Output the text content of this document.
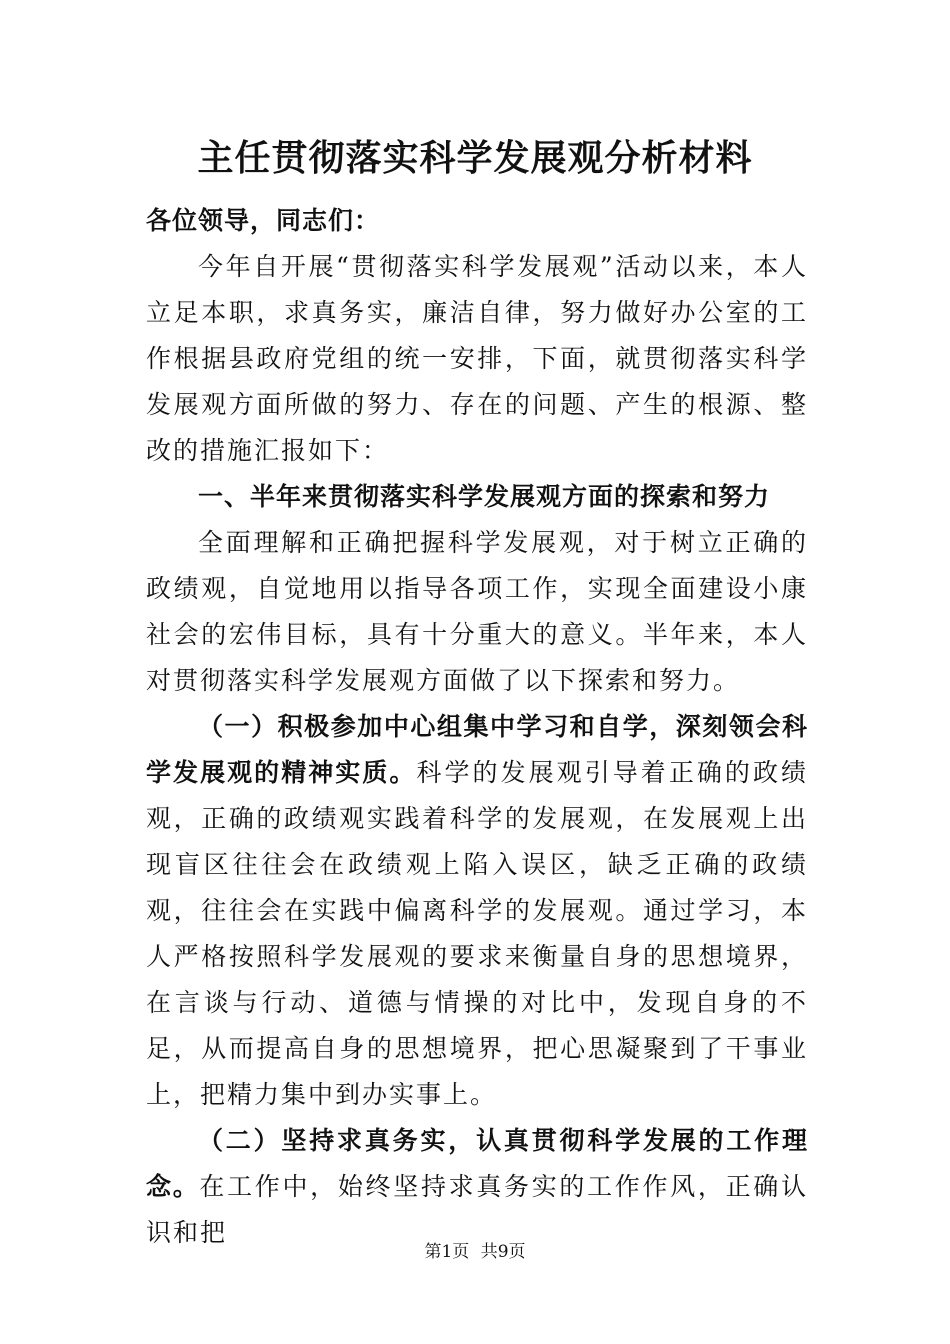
主任贯彻落实科学发展观分析材料

各位领导，同志们：

今年自开展“贯彻落实科学发展观”活动以来，本人立足本职，求真务实，廉洁自律，努力做好办公室的工作根据县政府党组的统一安排，下面，就贯彻落实科学发展观方面所做的努力、存在的问题、产生的根源、整改的措施汇报如下：

一、半年来贯彻落实科学发展观方面的探索和努力

全面理解和正确把握科学发展观，对于树立正确的政绩观，自觉地用以指导各项工作，实现全面建设小康社会的宏伟目标，具有十分重大的意义。半年来，本人对贯彻落实科学发展观方面做了以下探索和努力。

（一）积极参加中心组集中学习和自学，深刻领会科学发展观的精神实质。科学的发展观引导着正确的政绩观，正确的政绩观实践着科学的发展观，在发展观上出现盲区往往会在政绩观上陷入误区，缺乏正确的政绩观，往往会在实践中偏离科学的发展观。通过学习，本人严格按照科学发展观的要求来衡量自身的思想境界，在言谈与行动、道德与情操的对比中，发现自身的不足，从而提高自身的思想境界，把心思凝聚到了干事业上，把精力集中到办实事上。

（二）坚持求真务实，认真贯彻科学发展的工作理念。在工作中，始终坚持求真务实的工作作风，正确认识和把

第1页 共9页
